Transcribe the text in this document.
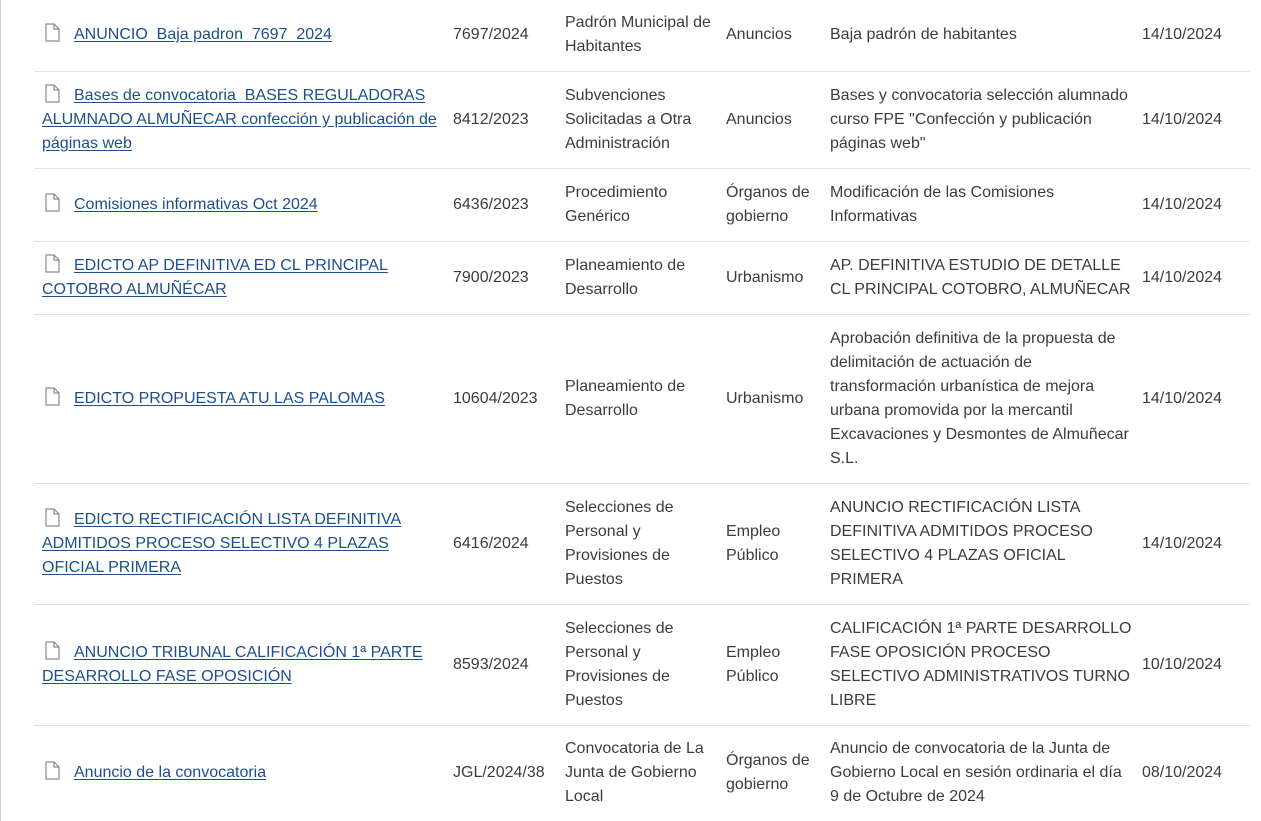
ANUNCIO_Baja padron_7697_2024	7697/2024	Padrón Municipal de Habitantes	Anuncios	Baja padrón de habitantes	14/10/2024

Bases de convocatoria_BASES REGULADORAS ALUMNADO ALMUÑECAR confección y publicación de páginas web	8412/2023	Subvenciones Solicitadas a Otra Administración	Anuncios	Bases y convocatoria selección alumnado curso FPE "Confección y publicación páginas web"	14/10/2024

Comisiones informativas Oct 2024	6436/2023	Procedimiento Genérico	Órganos de gobierno	Modificación de las Comisiones Informativas	14/10/2024

EDICTO AP DEFINITIVA ED CL PRINCIPAL COTOBRO ALMUÑÉCAR	7900/2023	Planeamiento de Desarrollo	Urbanismo	AP. DEFINITIVA ESTUDIO DE DETALLE CL PRINCIPAL COTOBRO, ALMUÑECAR	14/10/2024

EDICTO PROPUESTA ATU LAS PALOMAS	10604/2023	Planeamiento de Desarrollo	Urbanismo	Aprobación definitiva de la propuesta de delimitación de actuación de transformación urbanística de mejora urbana promovida por la mercantil Excavaciones y Desmontes de Almuñecar S.L.	14/10/2024

EDICTO RECTIFICACIÓN LISTA DEFINITIVA ADMITIDOS PROCESO SELECTIVO 4 PLAZAS OFICIAL PRIMERA	6416/2024	Selecciones de Personal y Provisiones de Puestos	Empleo Público	ANUNCIO RECTIFICACIÓN LISTA DEFINITIVA ADMITIDOS PROCESO SELECTIVO 4 PLAZAS OFICIAL PRIMERA	14/10/2024

ANUNCIO TRIBUNAL CALIFICACIÓN 1ª PARTE DESARROLLO FASE OPOSICIÓN	8593/2024	Selecciones de Personal y Provisiones de Puestos	Empleo Público	CALIFICACIÓN 1ª PARTE DESARROLLO FASE OPOSICIÓN PROCESO SELECTIVO ADMINISTRATIVOS TURNO LIBRE	10/10/2024

Anuncio de la convocatoria	JGL/2024/38	Convocatoria de La Junta de Gobierno Local	Órganos de gobierno	Anuncio de convocatoria de la Junta de Gobierno Local en sesión ordinaria el día 9 de Octubre de 2024	08/10/2024
